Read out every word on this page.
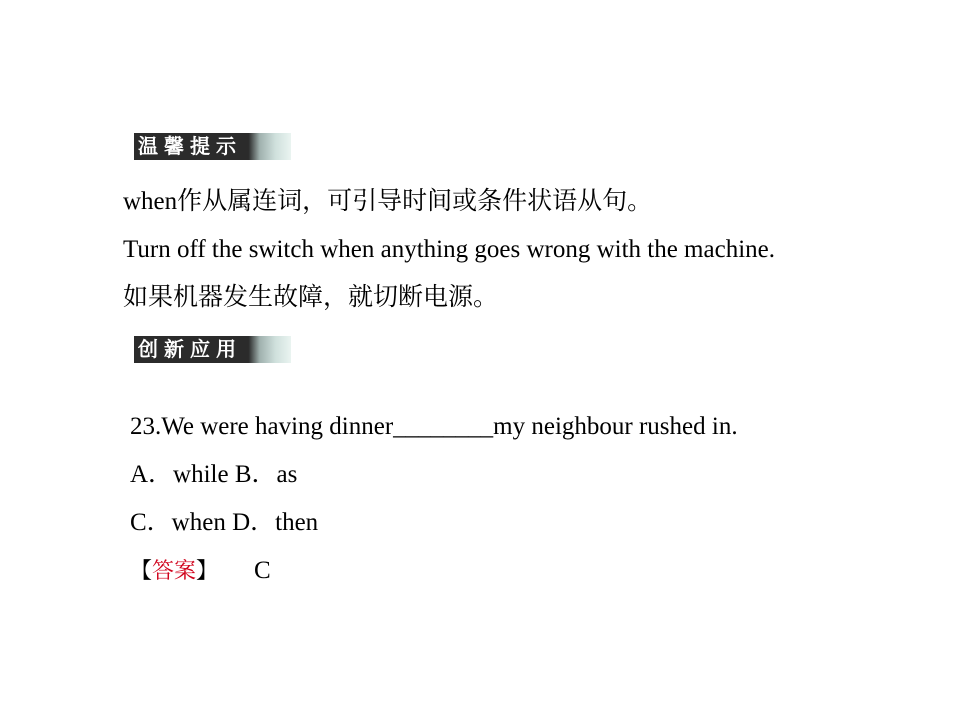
温馨提示
when作从属连词，可引导时间或条件状语从句。
Turn off the switch when anything goes wrong with the machine.
如果机器发生故障，就切断电源。
创新应用
23.We were having dinner________my neighbour rushed in.
A．while B．as
C．when D．then
【答案】 C
